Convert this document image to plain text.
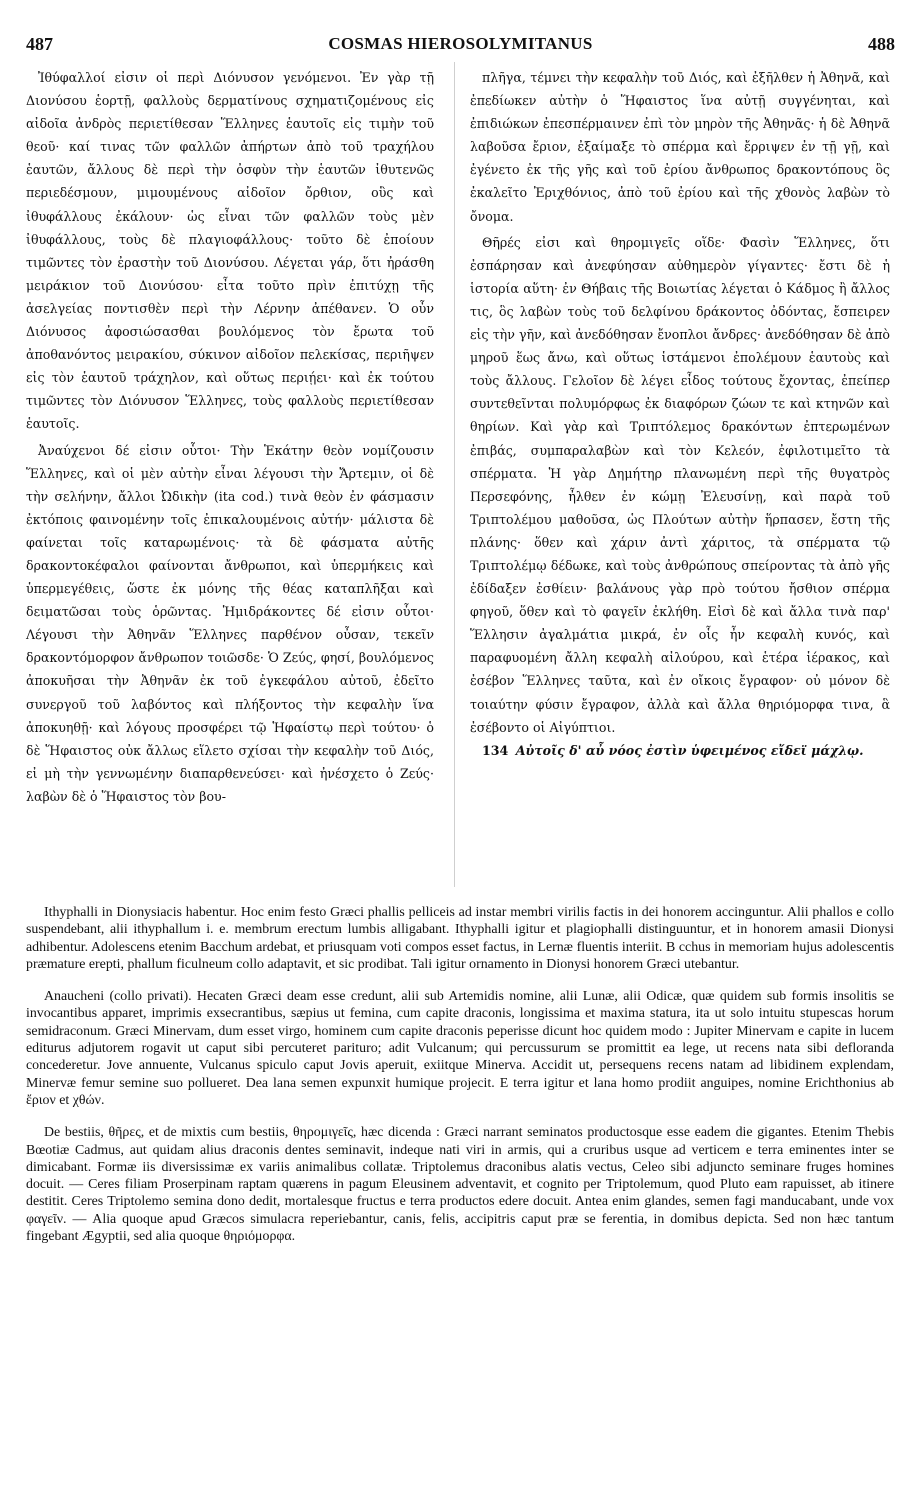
487	COSMAS HIEROSOLYMITANUS	488

Ἰθύφαλλοί εἰσιν οἱ περὶ Διόνυσον γενόμενοι. Ἐν γὰρ τῇ Διονύσου ἑορτῇ, φαλλοὺς δερματίνους σχηματιζομένους εἰς αἰδοῖα ἀνδρὸς περιετίθεσαν Ἕλληνες ἑαυτοῖς εἰς τιμὴν τοῦ θεοῦ· καί τινας τῶν φαλλῶν ἀπήρτων ἀπὸ τοῦ τραχήλου ἑαυτῶν, ἄλλους δὲ περὶ τὴν ὀσφὺν τὴν ἑαυτῶν ἰθυτενῶς περιεδέσμουν, μιμουμένους αἰδοῖον ὄρθιον, οὓς καὶ ἰθυφάλλους ἐκάλουν· ὡς εἶναι τῶν φαλλῶν τοὺς μὲν ἰθυφάλλους, τοὺς δὲ πλαγιοφάλλους· τοῦτο δὲ ἐποίουν τιμῶντες τὸν ἐραστὴν τοῦ Διονύσου. Λέγεται γάρ, ὅτι ἠράσθη μειράκιον τοῦ Διονύσου· εἶτα τοῦτο πρὶν ἐπιτύχῃ τῆς ἀσελγείας ποντισθὲν περὶ τὴν Λέρνην ἀπέθανεν. Ὁ οὖν Διόνυσος ἀφοσιώσασθαι βουλόμενος τὸν ἔρωτα τοῦ ἀποθανόντος μειρακίου, σύκινον αἰδοῖον πελεκίσας, περιῆψεν εἰς τὸν ἑαυτοῦ τράχηλον, καὶ οὕτως περιῄει· καὶ ἐκ τούτου τιμῶντες τὸν Διόνυσον Ἕλληνες, τοὺς φαλλοὺς περιετίθεσαν ἑαυτοῖς.

Ἀναύχενοι δέ εἰσιν οὗτοι· Τὴν Ἑκάτην θεὸν νομίζουσιν Ἕλληνες, καὶ οἱ μὲν αὐτὴν εἶναι λέγουσι τὴν Ἄρτεμιν, οἱ δὲ τὴν σελήνην, ἄλλοι Ὠδικὴν (ita cod.) τινὰ θεὸν ἐν φάσμασιν ἐκτόποις φαινομένην τοῖς ἐπικαλουμένοις αὐτήν· μάλιστα δὲ φαίνεται τοῖς καταρωμένοις· τὰ δὲ φάσματα αὐτῆς δρακοντοκέφαλοι φαίνονται ἄνθρωποι, καὶ ὑπερμήκεις καὶ ὑπερμεγέθεις, ὥστε ἐκ μόνης τῆς θέας καταπλῆξαι καὶ δειματῶσαι τοὺς ὁρῶντας. Ἡμιδράκοντες δέ εἰσιν οὗτοι· Λέγουσι τὴν Ἀθηνᾶν Ἕλληνες παρθένον οὖσαν, τεκεῖν δρακοντόμορφον ἄνθρωπον τοιῶσδε· Ὁ Ζεύς, φησί, βουλόμενος ἀποκυῆσαι τὴν Ἀθηνᾶν ἐκ τοῦ ἐγκεφάλου αὐτοῦ, ἐδεῖτο συνεργοῦ τοῦ λαβόντος καὶ πλήξοντος τὴν κεφαλὴν ἵνα ἀποκυηθῇ· καὶ λόγους προσφέρει τῷ Ἡφαίστῳ περὶ τούτου· ὁ δὲ Ἥφαιστος οὐκ ἄλλως εἵλετο σχίσαι τὴν κεφαλὴν τοῦ Διός, εἰ μὴ τὴν γεννωμένην διαπαρθενεύσει· καὶ ἠνέσχετο ὁ Ζεύς· λαβὼν δὲ ὁ Ἥφαιστος τὸν βου-

πλῆγα, τέμνει τὴν κεφαλὴν τοῦ Διός, καὶ ἐξῆλθεν ἡ Ἀθηνᾶ, καὶ ἐπεδίωκεν αὐτὴν ὁ Ἥφαιστος ἵνα αὐτῇ συγγένηται, καὶ ἐπιδιώκων ἐπεσπέρμαινεν ἐπὶ τὸν μηρὸν τῆς Ἀθηνᾶς· ἡ δὲ Ἀθηνᾶ λαβοῦσα ἔριον, ἐξαίμαξε τὸ σπέρμα καὶ ἔρριψεν ἐν τῇ γῇ, καὶ ἐγένετο ἐκ τῆς γῆς καὶ τοῦ ἐρίου ἄνθρωπος δρακοντόπους ὃς ἐκαλεῖτο Ἐριχθόνιος, ἀπὸ τοῦ ἐρίου καὶ τῆς χθονὸς λαβὼν τὸ ὄνομα.

Θῆρές εἰσι καὶ θηρομιγεῖς οἵδε· Φασὶν Ἕλληνες, ὅτι ἐσπάρησαν καὶ ἀνεφύησαν αὐθημερὸν γίγαντες· ἔστι δὲ ἡ ἱστορία αὕτη· ἐν Θήβαις τῆς Βοιωτίας λέγεται ὁ Κάδμος ἢ ἄλλος τις, ὃς λαβὼν τοὺς τοῦ δελφίνου δράκοντος ὀδόντας, ἔσπειρεν εἰς τὴν γῆν, καὶ ἀνεδόθησαν ἔνοπλοι ἄνδρες· ἀνεδόθησαν δὲ ἀπὸ μηροῦ ἕως ἄνω, καὶ οὕτως ἱστάμενοι ἐπολέμουν ἑαυτοὺς καὶ τοὺς ἄλλους. Γελοῖον δὲ λέγει εἶδος τούτους ἔχοντας, ἐπείπερ συντεθεῖνται πολυμόρφως ἐκ διαφόρων ζώων τε καὶ κτηνῶν καὶ θηρίων. Καὶ γὰρ καὶ Τριπτόλεμος δρακόντων ἐπτερωμένων ἐπιβάς, συμπαραλαβὼν καὶ τὸν Κελεόν, ἐφιλοτιμεῖτο τὰ σπέρματα. Ἡ γὰρ Δημήτηρ πλανωμένη περὶ τῆς θυγατρὸς Περσεφόνης, ἦλθεν ἐν κώμῃ Ἐλευσίνῃ, καὶ παρὰ τοῦ Τριπτολέμου μαθοῦσα, ὡς Πλούτων αὐτὴν ἥρπασεν, ἔστη τῆς πλάνης· ὅθεν καὶ χάριν ἀντὶ χάριτος, τὰ σπέρματα τῷ Τριπτολέμῳ δέδωκε, καὶ τοὺς ἀνθρώπους σπείροντας τὰ ἀπὸ γῆς ἐδίδαξεν ἐσθίειν· βαλάνους γὰρ πρὸ τούτου ἤσθιον σπέρμα φηγοῦ, ὅθεν καὶ τὸ φαγεῖν ἐκλήθη. Εἰσὶ δὲ καὶ ἄλλα τινὰ παρ' Ἕλλησιν ἀγαλμάτια μικρά, ἐν οἷς ἦν κεφαλὴ κυνός, καὶ παραφυομένη ἄλλη κεφαλὴ αἰλούρου, καὶ ἑτέρα ἱέρακος, καὶ ἐσέβον Ἕλληνες ταῦτα, καὶ ἐν οἴκοις ἔγραφον· οὐ μόνον δὲ τοιαύτην φύσιν ἔγραφον, ἀλλὰ καὶ ἄλλα θηριόμορφα τινα, ἃ ἐσέβοντο οἱ Αἰγύπτιοι.

134 Αὐτοῖς δ' αὖ νόος ἐστὶν ὑφειμένος εἴδεϊ μάχλῳ.

Ithyphalli in Dionysiacis habentur. Hoc enim festo Græci phallis pelliceis ad instar membri virilis factis in dei honorem accinguntur. Alii phallos e collo suspendebant, alii ithyphallum i. e. membrum erectum lumbis alligabant. Ithyphalli igitur et plagiophalli distinguuntur, et in honorem amasii Dionysi adhibentur. Adolescens etenim Bacchum ardebat, et priusquam voti compos esset factus, in Lernæ fluentis interiit. B cchus in memoriam hujus adolescentis præmature erepti, phallum ficulneum collo adaptavit, et sic prodibat. Tali igitur ornamento in Dionysi honorem Græci utebantur.

Anaucheni (collo privati). Hecaten Græci deam esse credunt, alii sub Artemidis nomine, alii Lunæ, alii Odicæ, quæ quidem sub formis insolitis se invocantibus apparet, imprimis exsecrantibus, sæpius ut femina, cum capite draconis, longissima et maxima statura, ita ut solo intuitu stupescas horum semidraconum. Græci Minervam, dum esset virgo, hominem cum capite draconis peperisse dicunt hoc quidem modo : Jupiter Minervam e capite in lucem editurus adjutorem rogavit ut caput sibi percuteret parituro; adit Vulcanum; qui percussurum se promittit ea lege, ut recens nata sibi deflorandа concederetur. Jove annuente, Vulcanus spiculo caput Jovis aperuit, exiitque Minerva. Accidit ut, persequens recens natam ad libidinem explendam, Minervæ femur semine suo pollueret. Dea lana semen expunxit humique projecit. E terra igitur et lana homo prodiit anguipes, nomine Erichthonius ab ἔριον et χθών.

De bestiis, θῆρες, et de mixtis cum bestiis, θηρομιγεῖς, hæc dicenda : Græci narrant seminatos productosque esse eadem die gigantes. Etenim Thebis Bœotiæ Cadmus, aut quidam alius draconis dentes seminavit, indeque nati viri in armis, qui a cruribus usque ad verticem e terra eminentes inter se dimicabant. Formæ iis diversissimæ ex variis animalibus collatæ. Triptolemus draconibus alatis vectus, Celeo sibi adjuncto seminare fruges homines docuit. — Ceres filiam Proserpinam raptam quærens in pagum Eleusinem adventavit, et cognito per Triptolemum, quod Pluto eam rapuisset, ab itinere destitit. Ceres Triptolemo semina dono dedit, mortalesque fructus e terra productos edere docuit. Antea enim glandes, semen fagi manducabant, unde vox φαγεῖν. — Alia quoque apud Græcos simulacra reperiebantur, canis, felis, accipitris caput præ se ferentia, in domibus depicta. Sed non hæc tantum fingebant Ægyptii, sed alia quoque θηριόμορφα.
